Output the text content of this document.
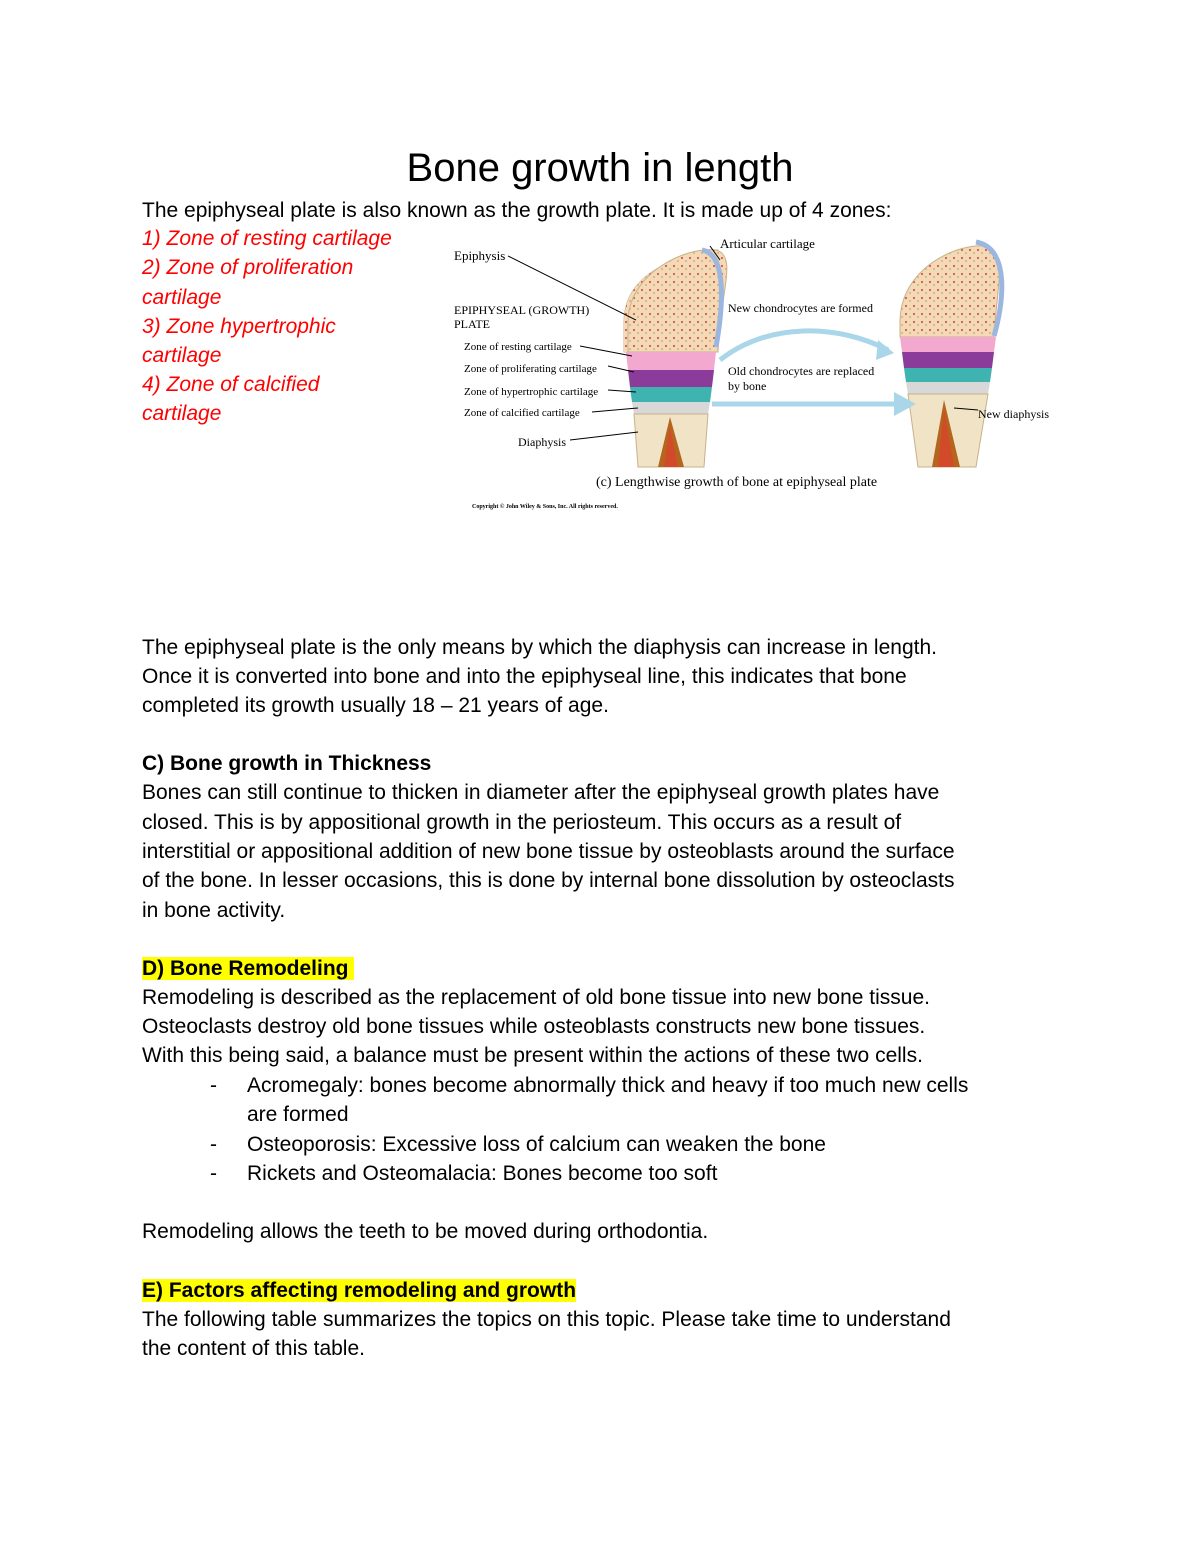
Bone growth in length
The epiphyseal plate is also known as the growth plate. It is made up of 4 zones:
1) Zone of resting cartilage
2) Zone of proliferation
cartilage
3) Zone hypertrophic
cartilage
4) Zone of calcified
cartilage
Epiphysis
Articular cartilage
EPIPHYSEAL (GROWTH)
PLATE
Zone of resting cartilage
Zone of proliferating cartilage
Zone of hypertrophic cartilage
Zone of calcified cartilage
Diaphysis
New chondrocytes are formed
Old chondrocytes are replaced
by bone
New diaphysis
(c) Lengthwise growth of bone at epiphyseal plate
Copyright © John Wiley & Sons, Inc. All rights reserved.
The epiphyseal plate is the only means by which the diaphysis can increase in length.
Once it is converted into bone and into the epiphyseal line, this indicates that bone
completed its growth usually 18 – 21 years of age.
C) Bone growth in Thickness
Bones can still continue to thicken in diameter after the epiphyseal growth plates have
closed. This is by appositional growth in the periosteum. This occurs as a result of
interstitial or appositional addition of new bone tissue by osteoblasts around the surface
of the bone. In lesser occasions, this is done by internal bone dissolution by osteoclasts
in bone activity.
D) Bone Remodeling
Remodeling is described as the replacement of old bone tissue into new bone tissue.
Osteoclasts destroy old bone tissues while osteoblasts constructs new bone tissues.
With this being said, a balance must be present within the actions of these two cells.
- Acromegaly: bones become abnormally thick and heavy if too much new cells
are formed
- Osteoporosis: Excessive loss of calcium can weaken the bone
- Rickets and Osteomalacia: Bones become too soft
Remodeling allows the teeth to be moved during orthodontia.
E) Factors affecting remodeling and growth
The following table summarizes the topics on this topic. Please take time to understand
the content of this table.
